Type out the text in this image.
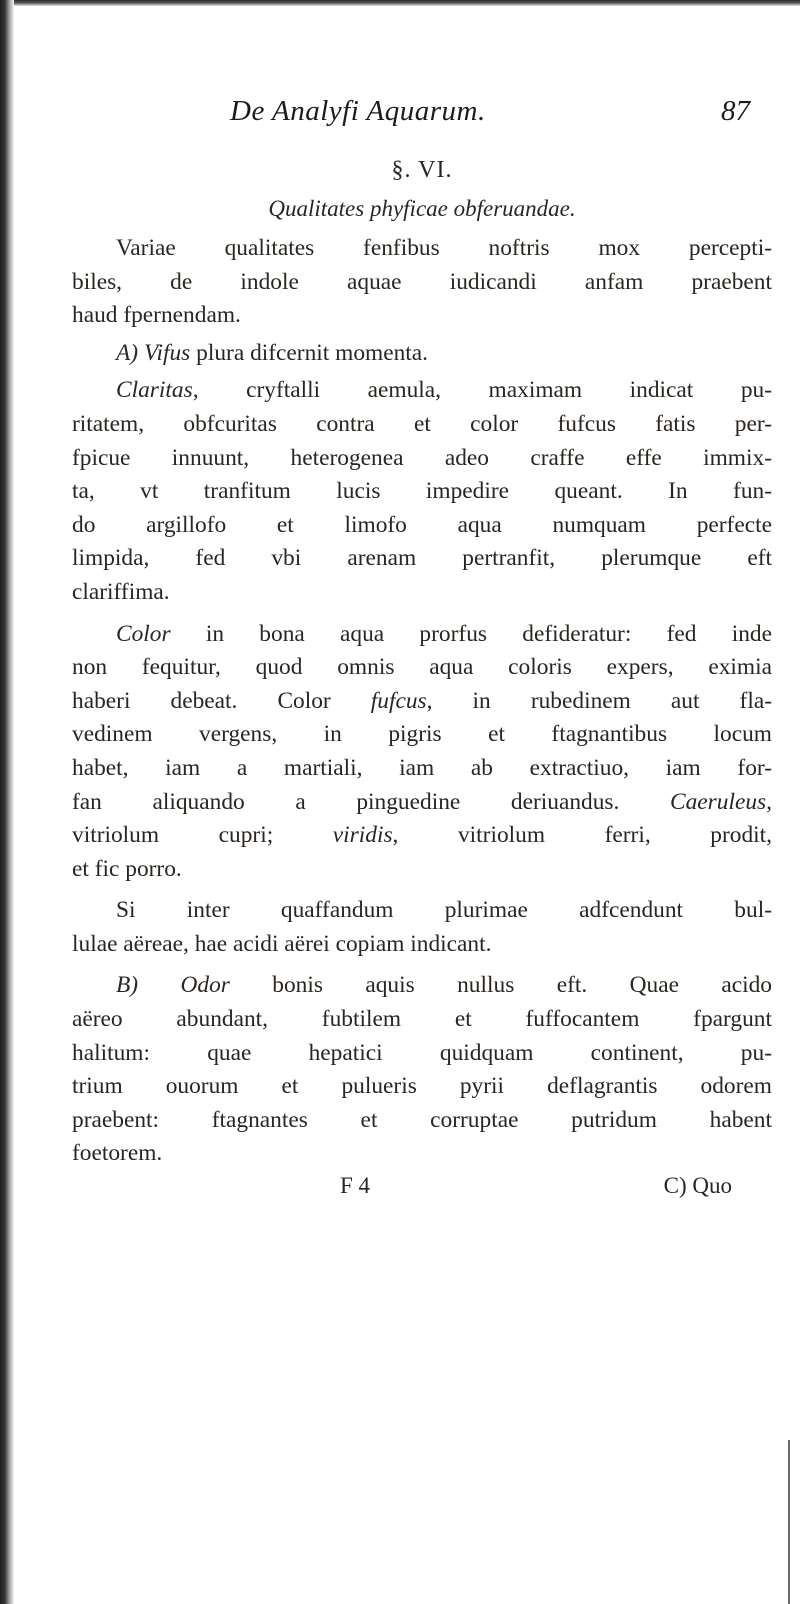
De Analyfi Aquarum.	87
§. VI.
Qualitates phyficae obferuandae.

Variae qualitates fenfibus noftris mox percepti-
biles, de indole aquae iudicandi anfam praebent
haud fpernendam.

A) Vifus plura difcernit momenta.

Claritas, cryftalli aemula, maximam indicat pu-
ritatem, obfcuritas contra et color fufcus fatis per-
fpicue innuunt, heterogenea adeo craffe effe immix-
ta, vt tranfitum lucis impedire queant. In fun-
do argillofo et limofo aqua numquam perfecte
limpida, fed vbi arenam pertranfit, plerumque eft
clariffima.

Color in bona aqua prorfus defideratur: fed inde
non fequitur, quod omnis aqua coloris expers, eximia
haberi debeat. Color fufcus, in rubedinem aut fla-
vedinem vergens, in pigris et ftagnantibus locum
habet, iam a martiali, iam ab extractiuo, iam for-
fan aliquando a pinguedine deriuandus. Caeruleus,
vitriolum cupri; viridis, vitriolum ferri, prodit,
et fic porro.

Si inter quaffandum plurimae adfcendunt bul-
lulae aëreae, hae acidi aërei copiam indicant.

B) Odor bonis aquis nullus eft. Quae acido
aëreo abundant, fubtilem et fuffocantem fpargunt
halitum: quae hepatici quidquam continent, pu-
trium ouorum et pulueris pyrii deflagrantis odorem
praebent: ftagnantes et corruptae putridum habent
foetorem.

F 4	C) Quo
